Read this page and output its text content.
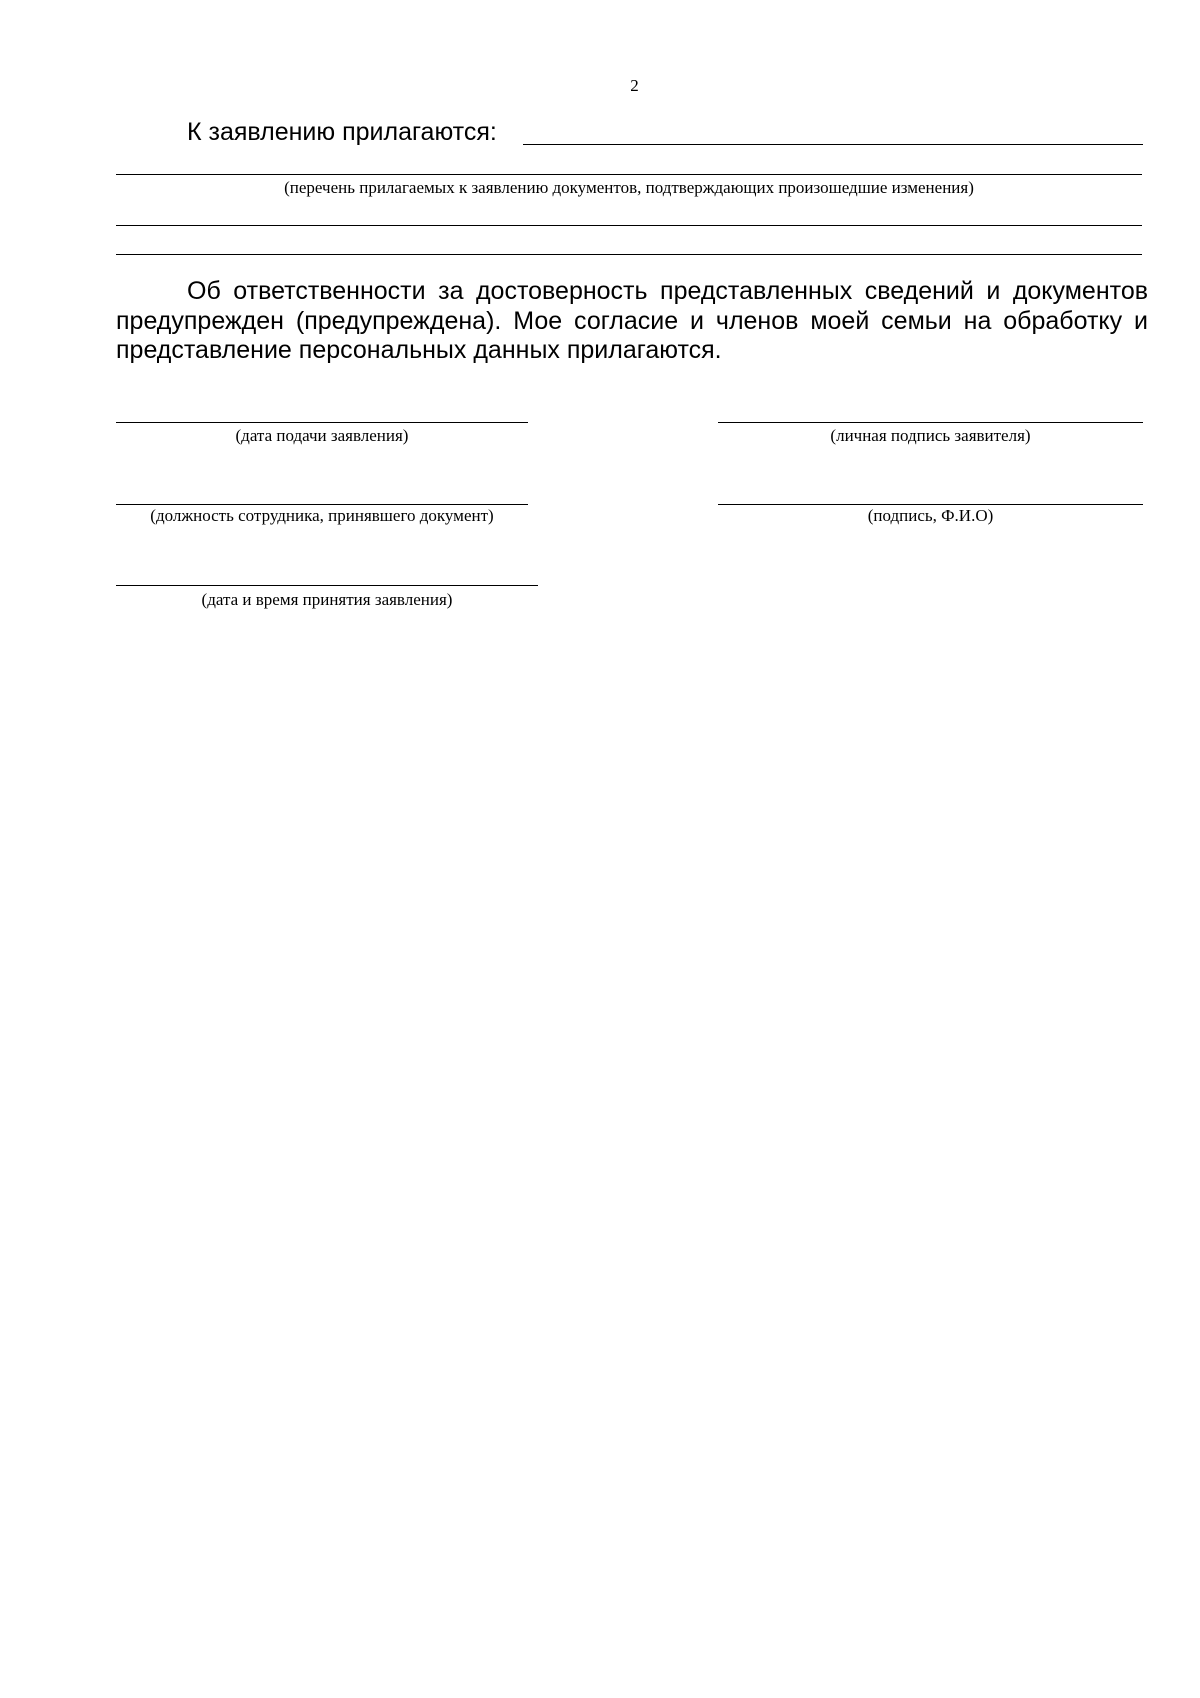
2
К заявлению прилагаются:
(перечень прилагаемых к заявлению документов, подтверждающих произошедшие изменения)
Об ответственности за достоверность представленных сведений и документов предупрежден (предупреждена). Мое согласие и членов моей семьи на обработку и представление персональных данных прилагаются.
(дата подачи заявления)	(личная подпись заявителя)
(должность сотрудника, принявшего документ)	(подпись, Ф.И.О)
(дата и время принятия заявления)
